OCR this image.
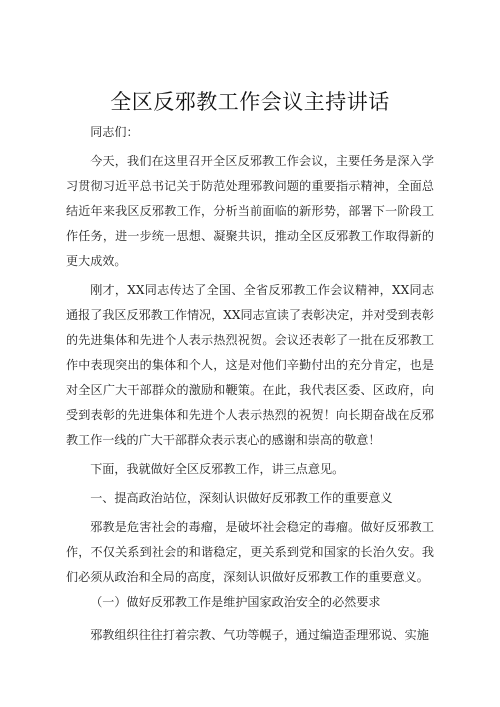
全区反邪教工作会议主持讲话

同志们：

今天，我们在这里召开全区反邪教工作会议，主要任务是深入学习贯彻习近平总书记关于防范处理邪教问题的重要指示精神，全面总结近年来我区反邪教工作，分析当前面临的新形势，部署下一阶段工作任务，进一步统一思想、凝聚共识，推动全区反邪教工作取得新的更大成效。

刚才，XX同志传达了全国、全省反邪教工作会议精神，XX同志通报了我区反邪教工作情况，XX同志宣读了表彰决定，并对受到表彰的先进集体和先进个人表示热烈祝贺。会议还表彰了一批在反邪教工作中表现突出的集体和个人，这是对他们辛勤付出的充分肯定，也是对全区广大干部群众的激励和鞭策。在此，我代表区委、区政府，向受到表彰的先进集体和先进个人表示热烈的祝贺！向长期奋战在反邪教工作一线的广大干部群众表示衷心的感谢和崇高的敬意！

下面，我就做好全区反邪教工作，讲三点意见。

一、提高政治站位，深刻认识做好反邪教工作的重要意义

邪教是危害社会的毒瘤，是破坏社会稳定的毒瘤。做好反邪教工作，不仅关系到社会的和谐稳定，更关系到党和国家的长治久安。我们必须从政治和全局的高度，深刻认识做好反邪教工作的重要意义。

（一）做好反邪教工作是维护国家政治安全的必然要求

邪教组织往往打着宗教、气功等幌子，通过编造歪理邪说、实施
